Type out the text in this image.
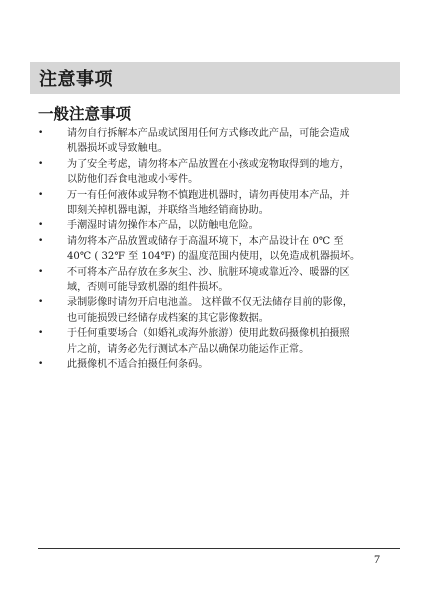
注意事项
一般注意事项
• 请勿自行拆解本产品或试图用任何方式修改此产品，可能会造成
机器损坏或导致触电。
• 为了安全考虑，请勿将本产品放置在小孩或宠物取得到的地方，
以防他们吞食电池或小零件。
• 万一有任何液体或异物不慎跑进机器时，请勿再使用本产品，并
即刻关掉机器电源，并联络当地经销商协助。
• 手潮湿时请勿操作本产品，以防触电危险。
• 请勿将本产品放置或储存于高温环境下，本产品设计在 0℃ 至
40℃ ( 32℉ 至 104℉) 的温度范围内使用，以免造成机器损坏。
• 不可将本产品存放在多灰尘、沙、肮脏环境或靠近冷、暖器的区
域，否则可能导致机器的组件损坏。
• 录制影像时请勿开启电池盖。 这样做不仅无法储存目前的影像，
也可能损毁已经储存成档案的其它影像数据。
• 于任何重要场合（如婚礼或海外旅游）使用此数码摄像机拍摄照
片之前，请务必先行测试本产品以确保功能运作正常。
• 此摄像机不适合拍摄任何条码。
7
